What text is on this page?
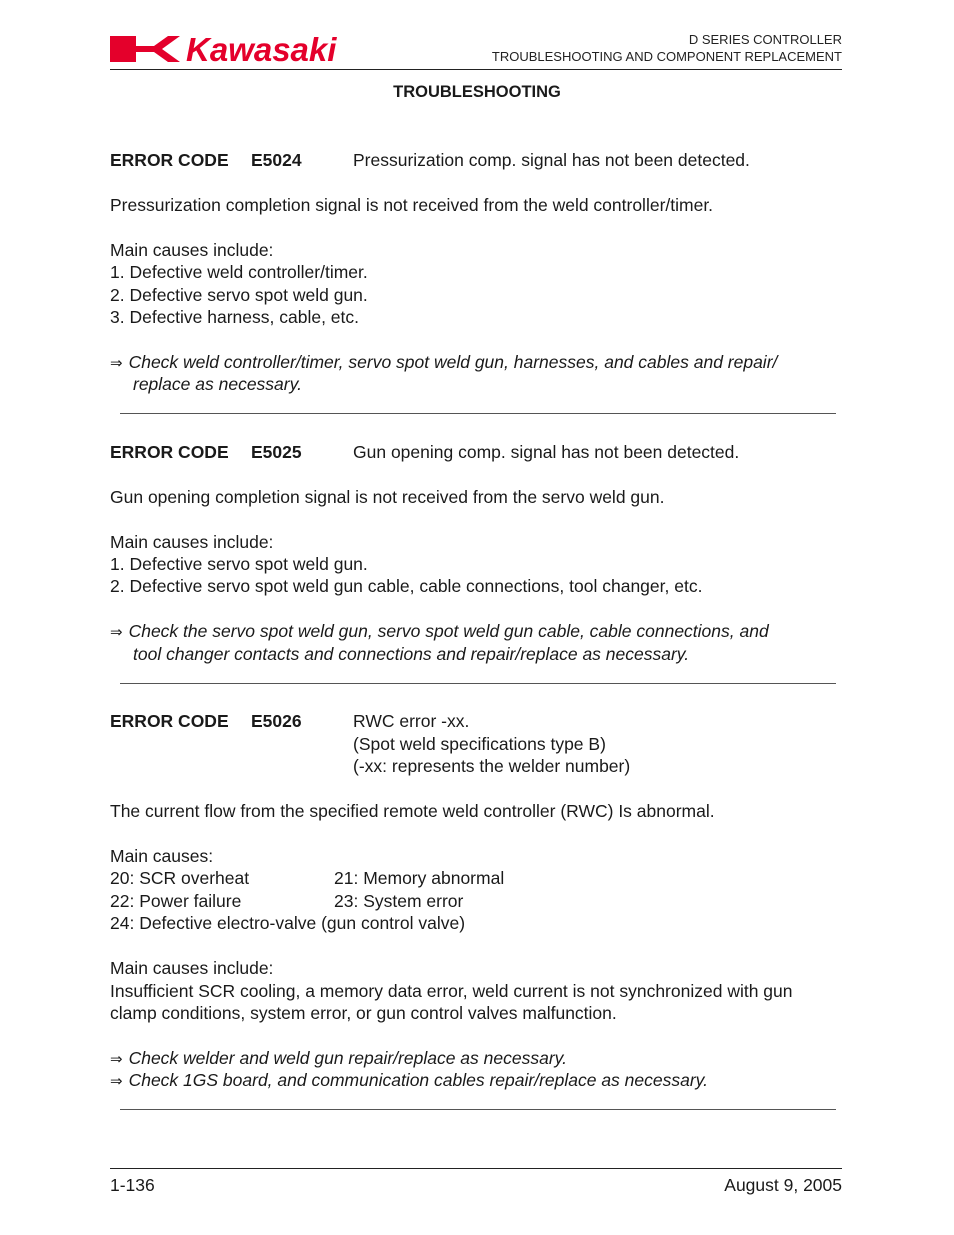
Kawasaki	D SERIES CONTROLLER
TROUBLESHOOTING AND COMPONENT REPLACEMENT
TROUBLESHOOTING
ERROR CODE E5024	Pressurization comp. signal has not been detected.
Pressurization completion signal is not received from the weld controller/timer.
Main causes include:
1. Defective weld controller/timer.
2. Defective servo spot weld gun.
3. Defective harness, cable, etc.
⇒ Check weld controller/timer, servo spot weld gun, harnesses, and cables and repair/
replace as necessary.
ERROR CODE E5025	Gun opening comp. signal has not been detected.
Gun opening completion signal is not received from the servo weld gun.
Main causes include:
1. Defective servo spot weld gun.
2. Defective servo spot weld gun cable, cable connections, tool changer, etc.
⇒ Check the servo spot weld gun, servo spot weld gun cable, cable connections, and
tool changer contacts and connections and repair/replace as necessary.
ERROR CODE E5026	RWC error -xx.
(Spot weld specifications type B)
(-xx: represents the welder number)
The current flow from the specified remote weld controller (RWC) Is abnormal.
Main causes:
20: SCR overheat	21: Memory abnormal
22: Power failure	23: System error
24: Defective electro-valve (gun control valve)
Main causes include:
Insufficient SCR cooling, a memory data error, weld current is not synchronized with gun
clamp conditions, system error, or gun control valves malfunction.
⇒ Check welder and weld gun repair/replace as necessary.
⇒ Check 1GS board, and communication cables repair/replace as necessary.
1-136	August 9, 2005
